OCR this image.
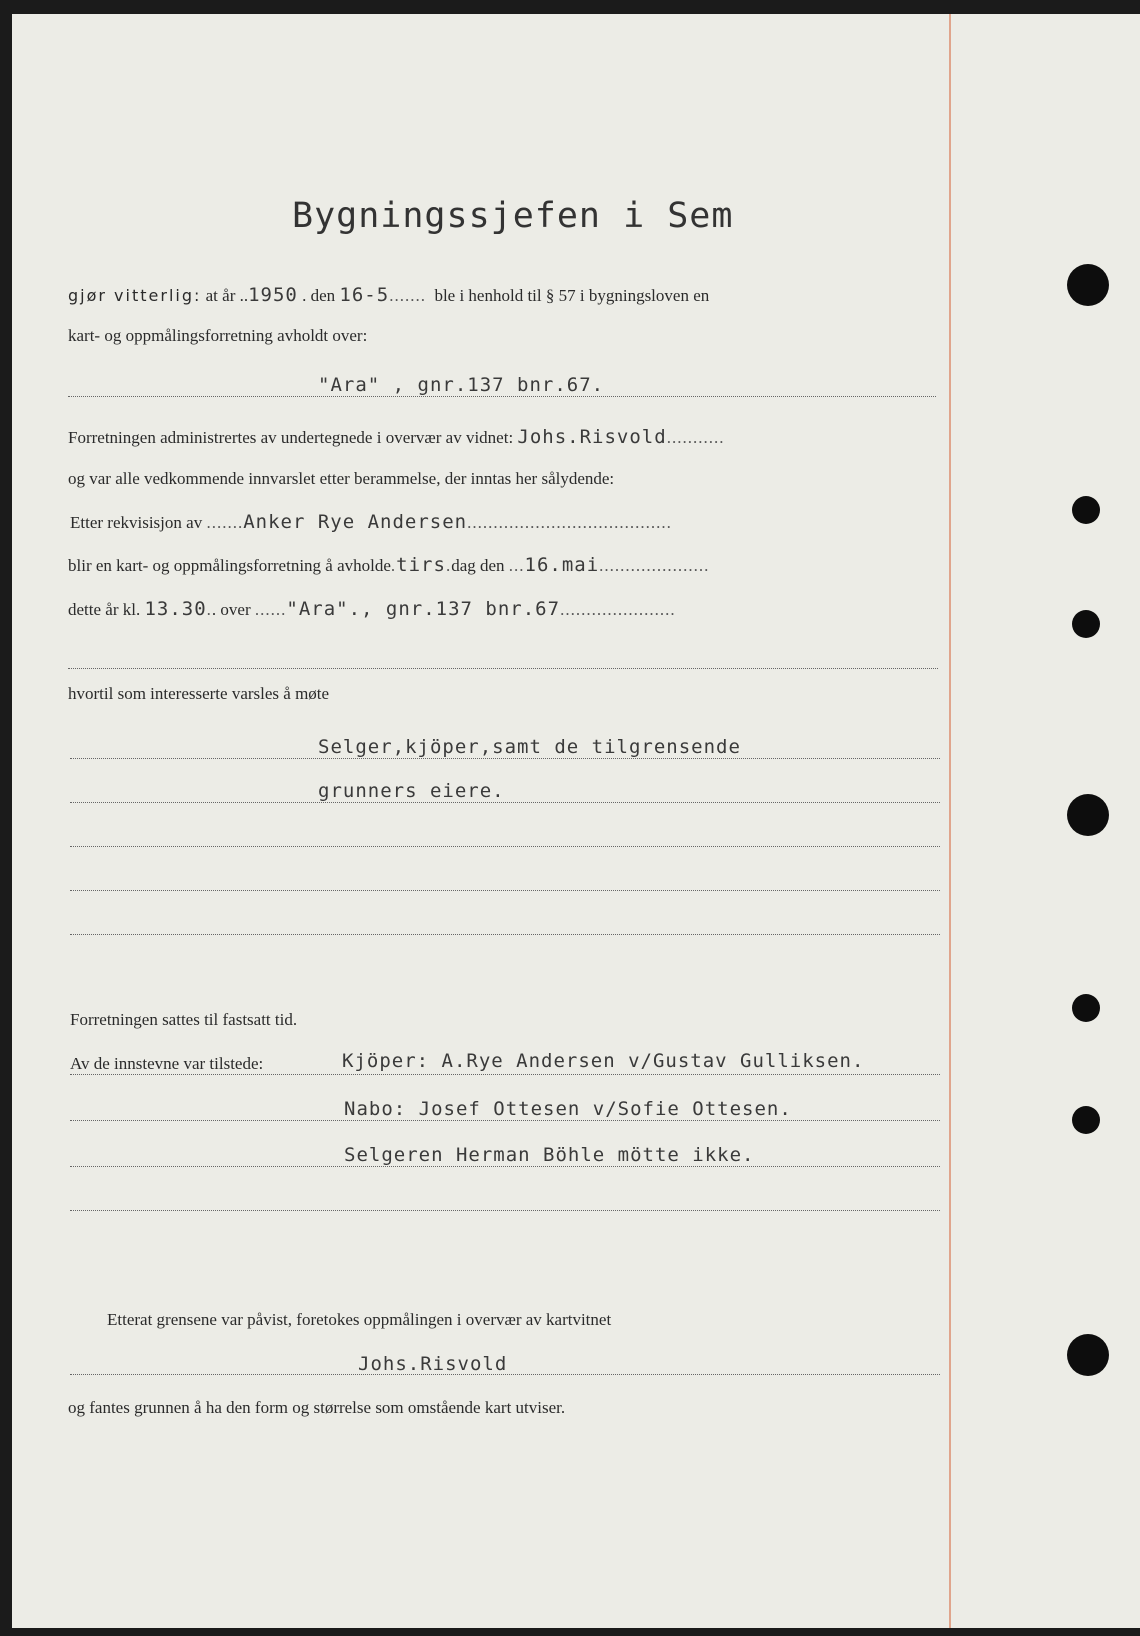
Bygningssjefen i Sem
gjør vitterlig: at år ..1950 . den 16-5....... ble i henhold til § 57 i bygningsloven en
kart- og oppmålingsforretning avholdt over:
"Ara" , gnr.137 bnr.67.
Forretningen administrertes av undertegnede i overvær av vidnet: Johs.Risvold...........
og var alle vedkommende innvarslet etter berammelse, der inntas her sålydende:
Etter rekvisisjon av .......Anker Rye Andersen.......................................
blir en kart- og oppmålingsforretning å avholde.tirs.dag den ...16.mai.....................
dette år kl. 13.30.. over ......"Ara"., gnr.137 bnr.67......................
hvortil som interesserte varsles å møte
Selger,kjöper,samt de tilgrensende
grunners eiere.
Forretningen sattes til fastsatt tid.
Av de innstevne var tilstede:	Kjöper: A.Rye Andersen v/Gustav Gulliksen.
Nabo: Josef Ottesen v/Sofie Ottesen.
Selgeren Herman Böhle mötte ikke.
Etterat grensene var påvist, foretokes oppmålingen i overvær av kartvitnet
Johs.Risvold
og fantes grunnen å ha den form og størrelse som omstående kart utviser.
